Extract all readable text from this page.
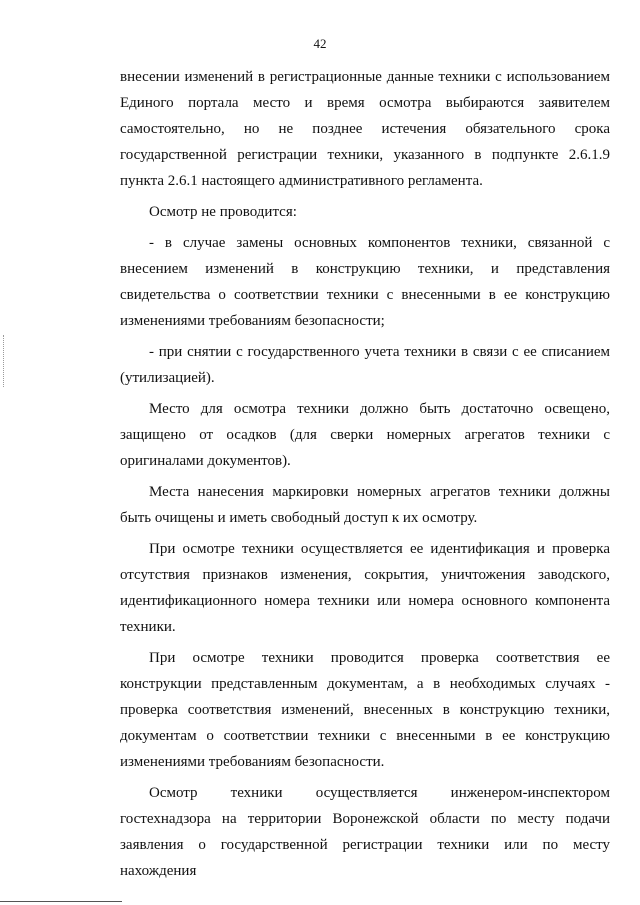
42

внесении изменений в регистрационные данные техники с использованием Единого портала место и время осмотра выбираются заявителем самостоятельно, но не позднее истечения обязательного срока государственной регистрации техники, указанного в подпункте 2.6.1.9 пункта 2.6.1 настоящего административного регламента.

Осмотр не проводится:

- в случае замены основных компонентов техники, связанной с внесением изменений в конструкцию техники, и представления свидетельства о соответствии техники с внесенными в ее конструкцию изменениями требованиям безопасности;

- при снятии с государственного учета техники в связи с ее списанием (утилизацией).

Место для осмотра техники должно быть достаточно освещено, защищено от осадков (для сверки номерных агрегатов техники с оригиналами документов).

Места нанесения маркировки номерных агрегатов техники должны быть очищены и иметь свободный доступ к их осмотру.

При осмотре техники осуществляется ее идентификация и проверка отсутствия признаков изменения, сокрытия, уничтожения заводского, идентификационного номера техники или номера основного компонента техники.

При осмотре техники проводится проверка соответствия ее конструкции представленным документам, а в необходимых случаях - проверка соответствия изменений, внесенных в конструкцию техники, документам о соответствии техники с внесенными в ее конструкцию изменениями требованиям безопасности.

Осмотр техники осуществляется инженером-инспектором гостехнадзора на территории Воронежской области по месту подачи заявления о государственной регистрации техники или по месту нахождения
